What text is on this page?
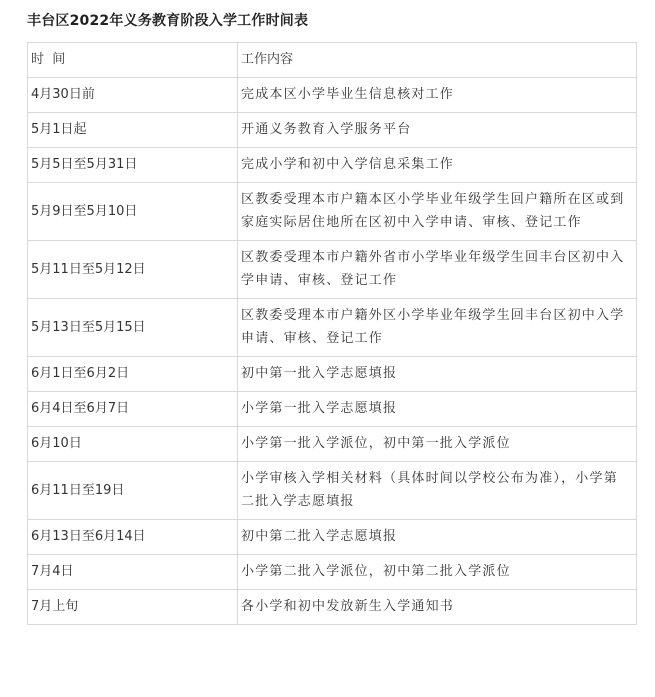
丰台区2022年义务教育阶段入学工作时间表
时  间	工作内容
4月30日前	完成本区小学毕业生信息核对工作
5月1日起	开通义务教育入学服务平台
5月5日至5月31日	完成小学和初中入学信息采集工作
5月9日至5月10日	区教委受理本市户籍本区小学毕业年级学生回户籍所在区或到家庭实际居住地所在区初中入学申请、审核、登记工作
5月11日至5月12日	区教委受理本市户籍外省市小学毕业年级学生回丰台区初中入学申请、审核、登记工作
5月13日至5月15日	区教委受理本市户籍外区小学毕业年级学生回丰台区初中入学申请、审核、登记工作
6月1日至6月2日	初中第一批入学志愿填报
6月4日至6月7日	小学第一批入学志愿填报
6月10日	小学第一批入学派位，初中第一批入学派位
6月11日至19日	小学审核入学相关材料（具体时间以学校公布为准），小学第二批入学志愿填报
6月13日至6月14日	初中第二批入学志愿填报
7月4日	小学第二批入学派位，初中第二批入学派位
7月上旬	各小学和初中发放新生入学通知书
